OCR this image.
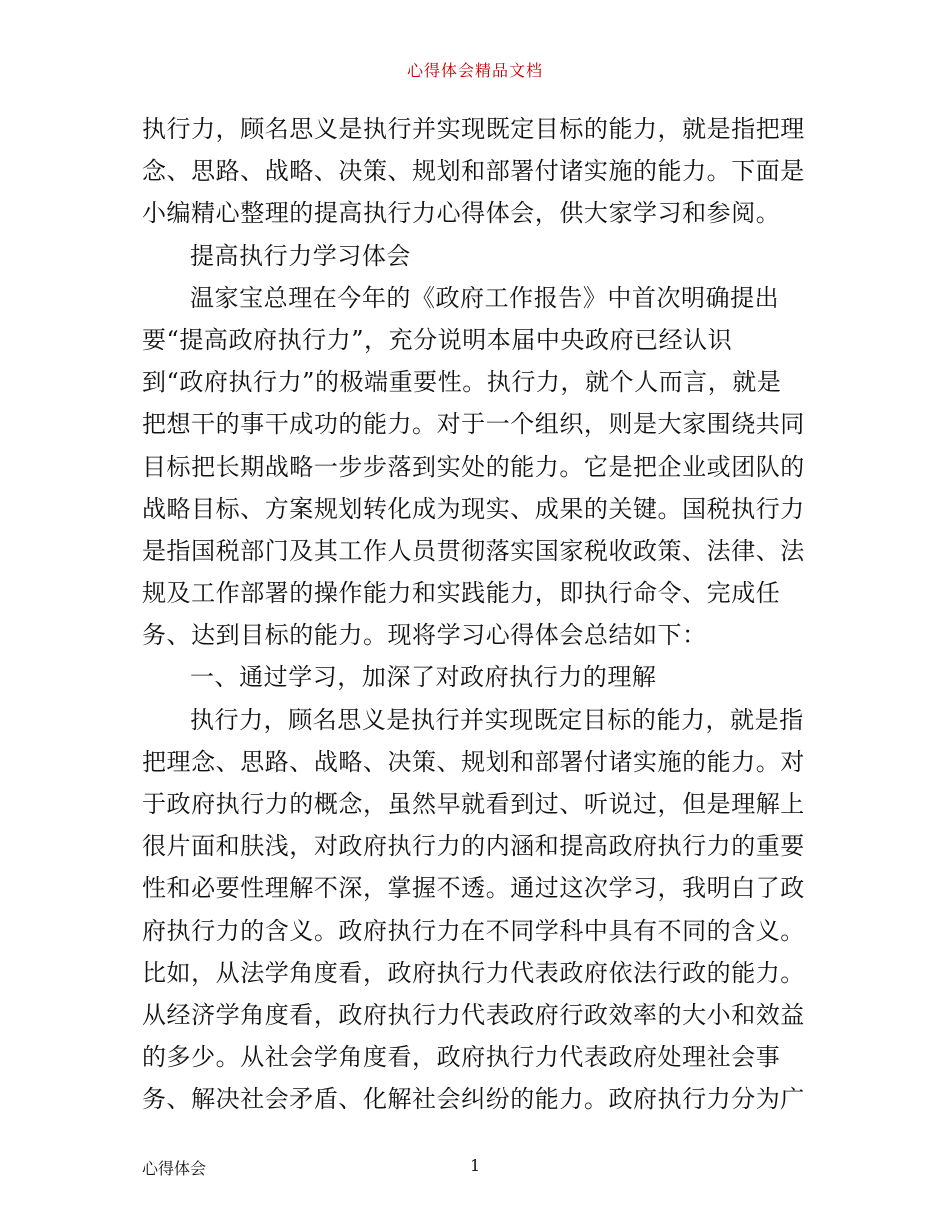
心得体会精品文档
执行力，顾名思义是执行并实现既定目标的能力，就是指把理
念、思路、战略、决策、规划和部署付诸实施的能力。下面是
小编精心整理的提高执行力心得体会，供大家学习和参阅。
提高执行力学习体会
温家宝总理在今年的《政府工作报告》中首次明确提出
要“提高政府执行力”，充分说明本届中央政府已经认识
到“政府执行力”的极端重要性。执行力，就个人而言，就是
把想干的事干成功的能力。对于一个组织，则是大家围绕共同
目标把长期战略一步步落到实处的能力。它是把企业或团队的
战略目标、方案规划转化成为现实、成果的关键。国税执行力
是指国税部门及其工作人员贯彻落实国家税收政策、法律、法
规及工作部署的操作能力和实践能力，即执行命令、完成任
务、达到目标的能力。现将学习心得体会总结如下：
一、通过学习，加深了对政府执行力的理解
执行力，顾名思义是执行并实现既定目标的能力，就是指
把理念、思路、战略、决策、规划和部署付诸实施的能力。对
于政府执行力的概念，虽然早就看到过、听说过，但是理解上
很片面和肤浅，对政府执行力的内涵和提高政府执行力的重要
性和必要性理解不深，掌握不透。通过这次学习，我明白了政
府执行力的含义。政府执行力在不同学科中具有不同的含义。
比如，从法学角度看，政府执行力代表政府依法行政的能力。
从经济学角度看，政府执行力代表政府行政效率的大小和效益
的多少。从社会学角度看，政府执行力代表政府处理社会事
务、解决社会矛盾、化解社会纠纷的能力。政府执行力分为广
心得体会	1
